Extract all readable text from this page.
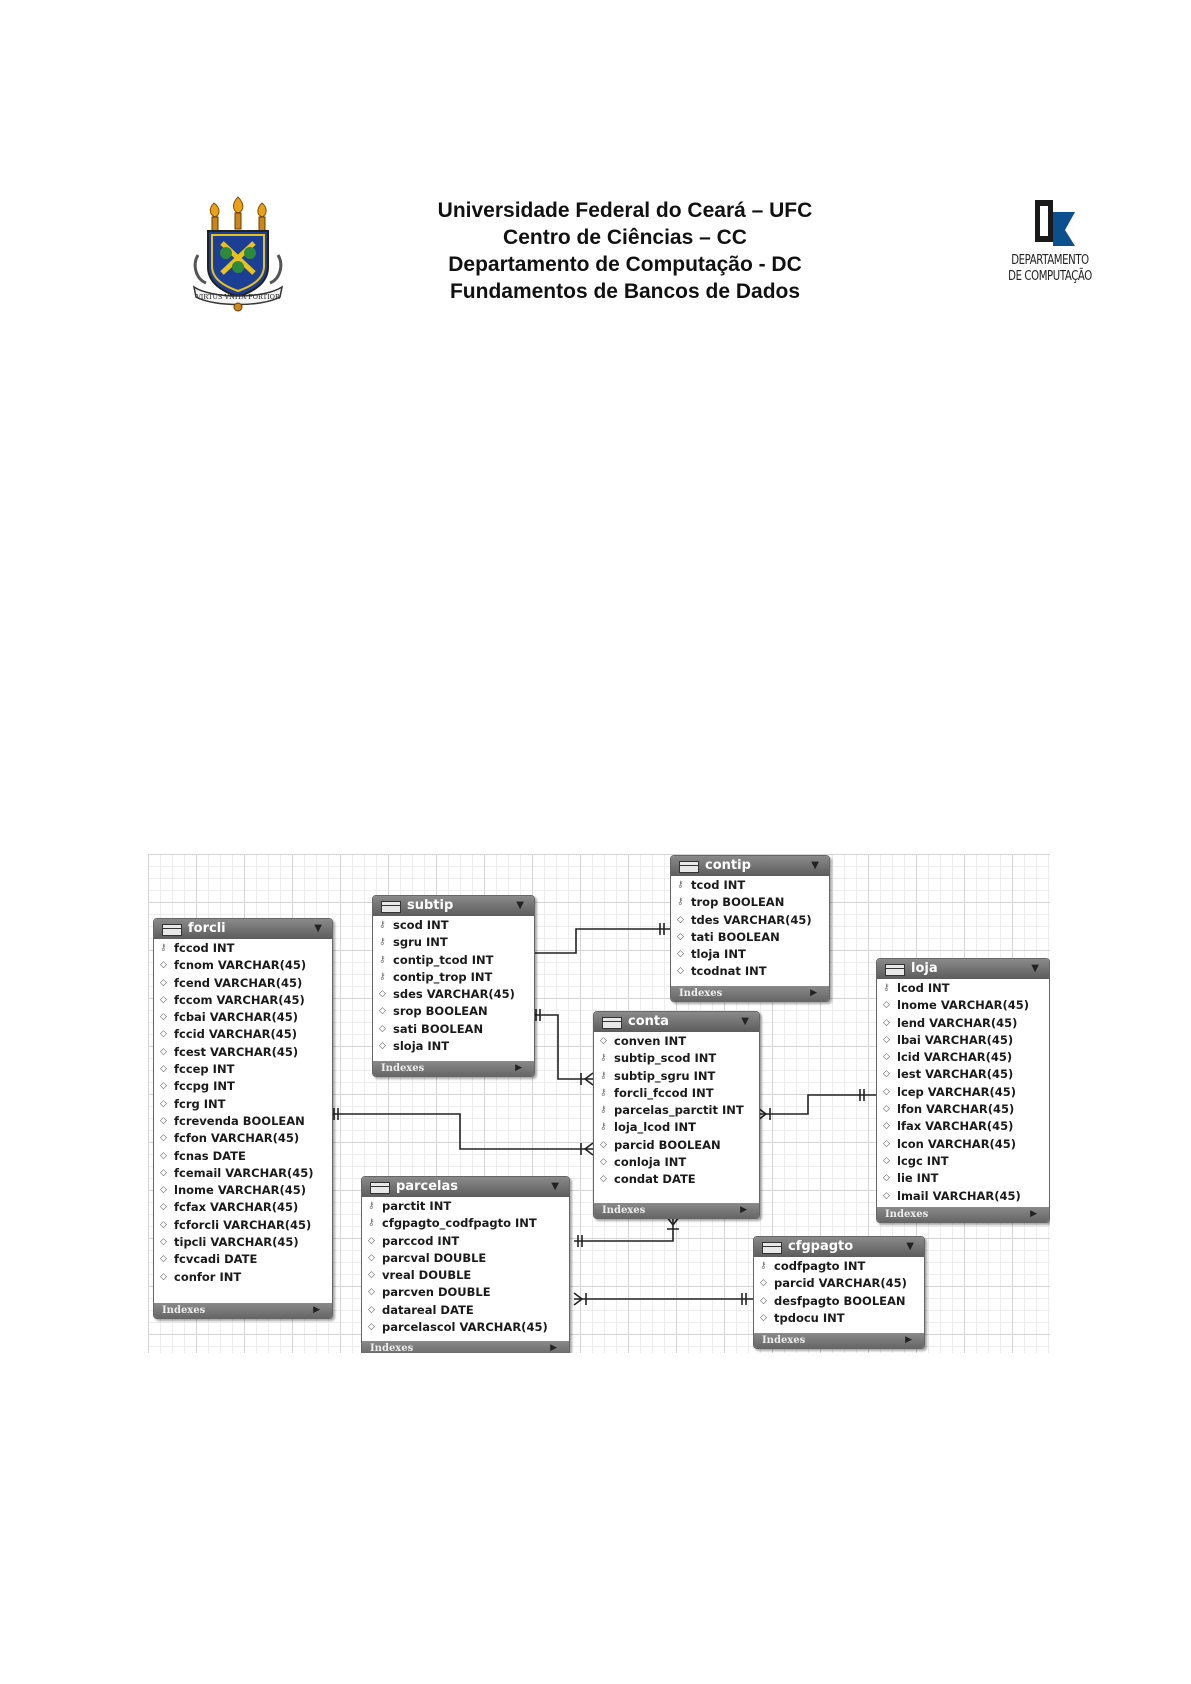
VIRTUS VNITA FORTIOR
Universidade Federal do Ceará – UFC
Centro de Ciências – CC
Departamento de Computação - DC
Fundamentos de Bancos de Dados
DEPARTAMENTO
DE COMPUTAÇÃO
forcli	▼
⚷ fccod INT
◇ fcnom VARCHAR(45)
◇ fcend VARCHAR(45)
◇ fccom VARCHAR(45)
◇ fcbai VARCHAR(45)
◇ fccid VARCHAR(45)
◇ fcest VARCHAR(45)
◇ fccep INT
◇ fccpg INT
◇ fcrg INT
◇ fcrevenda BOOLEAN
◇ fcfon VARCHAR(45)
◇ fcnas DATE
◇ fcemail VARCHAR(45)
◇ lnome VARCHAR(45)
◇ fcfax VARCHAR(45)
◇ fcforcli VARCHAR(45)
◇ tipcli VARCHAR(45)
◇ fcvcadi DATE
◇ confor INT
Indexes	▶
subtip	▼
⚷ scod INT
⚷ sgru INT
⚷ contip_tcod INT
⚷ contip_trop INT
◇ sdes VARCHAR(45)
◇ srop BOOLEAN
◇ sati BOOLEAN
◇ sloja INT
Indexes	▶
contip	▼
⚷ tcod INT
⚷ trop BOOLEAN
◇ tdes VARCHAR(45)
◇ tati BOOLEAN
◇ tloja INT
◇ tcodnat INT
Indexes	▶
conta	▼
◇ conven INT
⚷ subtip_scod INT
⚷ subtip_sgru INT
⚷ forcli_fccod INT
⚷ parcelas_parctit INT
⚷ loja_lcod INT
◇ parcid BOOLEAN
◇ conloja INT
◇ condat DATE
Indexes	▶
loja	▼
⚷ lcod INT
◇ lnome VARCHAR(45)
◇ lend VARCHAR(45)
◇ lbai VARCHAR(45)
◇ lcid VARCHAR(45)
◇ lest VARCHAR(45)
◇ lcep VARCHAR(45)
◇ lfon VARCHAR(45)
◇ lfax VARCHAR(45)
◇ lcon VARCHAR(45)
◇ lcgc INT
◇ lie INT
◇ lmail VARCHAR(45)
Indexes	▶
parcelas	▼
⚷ parctit INT
⚷ cfgpagto_codfpagto INT
◇ parccod INT
◇ parcval DOUBLE
◇ vreal DOUBLE
◇ parcven DOUBLE
◇ datareal DATE
◇ parcelascol VARCHAR(45)
Indexes	▶
cfgpagto	▼
⚷ codfpagto INT
◇ parcid VARCHAR(45)
◇ desfpagto BOOLEAN
◇ tpdocu INT
Indexes	▶
